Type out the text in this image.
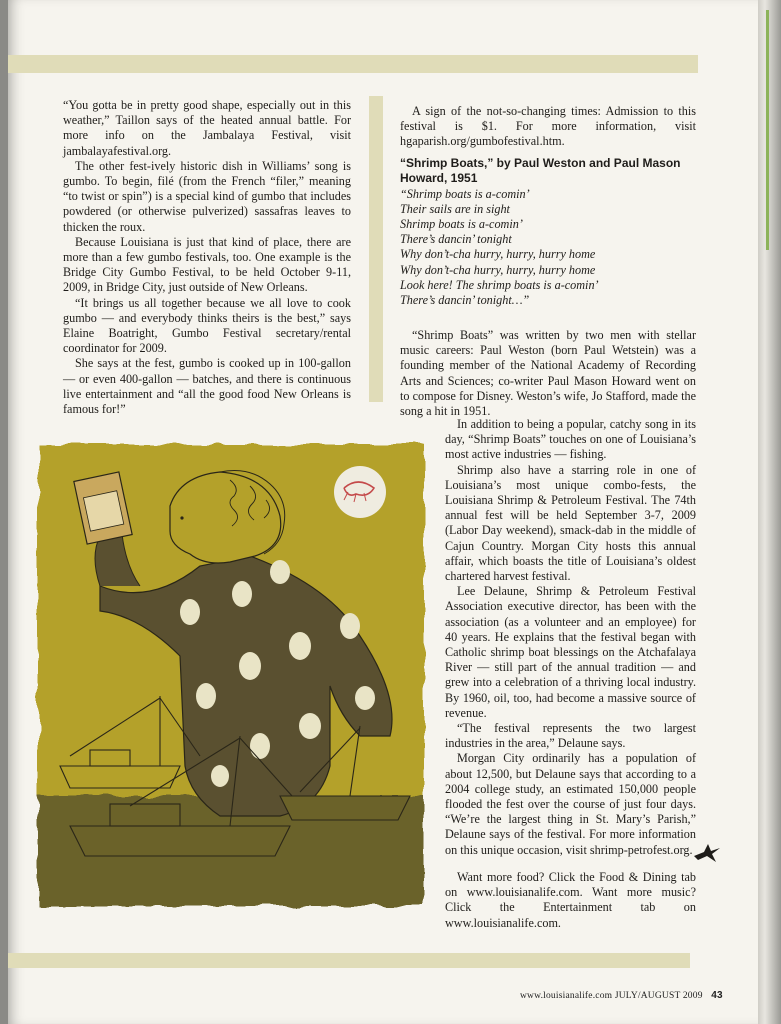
“You gotta be in pretty good shape, especially out in this weather,” Taillon says of the heated annual battle. For more info on the Jambalaya Festival, visit jambalayafestival.org.

The other fest-ively historic dish in Williams’ song is gumbo. To begin, filé (from the French “filer,” meaning “to twist or spin”) is a special kind of gumbo that includes powdered (or otherwise pulverized) sassafras leaves to thicken the roux.

Because Louisiana is just that kind of place, there are more than a few gumbo festivals, too. One example is the Bridge City Gumbo Festival, to be held October 9-11, 2009, in Bridge City, just outside of New Orleans.

“It brings us all together because we all love to cook gumbo — and everybody thinks theirs is the best,” says Elaine Boatright, Gumbo Festival secretary/rental coordinator for 2009.

She says at the fest, gumbo is cooked up in 100-gallon — or even 400-gallon — batches, and there is continuous live entertainment and “all the good food New Orleans is famous for!”

A sign of the not-so-changing times: Admission to this festival is $1. For more information, visit hgaparish.org/gumbofestival.htm.

“Shrimp Boats,” by Paul Weston and Paul Mason Howard, 1951
“Shrimp boats is a-comin’
Their sails are in sight
Shrimp boats is a-comin’
There’s dancin’ tonight
Why don’t-cha hurry, hurry, hurry home
Why don’t-cha hurry, hurry, hurry home
Look here! The shrimp boats is a-comin’
There’s dancin’ tonight…”

“Shrimp Boats” was written by two men with stellar music careers: Paul Weston (born Paul Wetstein) was a founding member of the National Academy of Recording Arts and Sciences; co-writer Paul Mason Howard went on to compose for Disney. Weston’s wife, Jo Stafford, made the song a hit in 1951.

In addition to being a popular, catchy song in its day, “Shrimp Boats” touches on one of Louisiana’s most active industries — fishing.

Shrimp also have a starring role in one of Louisiana’s most unique combo-fests, the Louisiana Shrimp & Petroleum Festival. The 74th annual fest will be held September 3-7, 2009 (Labor Day weekend), smack-dab in the middle of Cajun Country. Morgan City hosts this annual affair, which boasts the title of Louisiana’s oldest chartered harvest festival.

Lee Delaune, Shrimp & Petroleum Festival Association executive director, has been with the association (as a volunteer and an employee) for 40 years. He explains that the festival began with Catholic shrimp boat blessings on the Atchafalaya River — still part of the annual tradition — and grew into a celebration of a thriving local industry. By 1960, oil, too, had become a massive source of revenue.

“The festival represents the two largest industries in the area,” Delaune says.

Morgan City ordinarily has a population of about 12,500, but Delaune says that according to a 2004 college study, an estimated 150,000 people flooded the fest over the course of just four days. “We’re the largest thing in St. Mary’s Parish,” Delaune says of the festival. For more information on this unique occasion, visit shrimp-petrofest.org.

Want more food? Click the Food & Dining tab on www.louisianalife.com. Want more music? Click the Entertainment tab on www.louisianalife.com.

www.louisianalife.com JULY/AUGUST 2009 43
